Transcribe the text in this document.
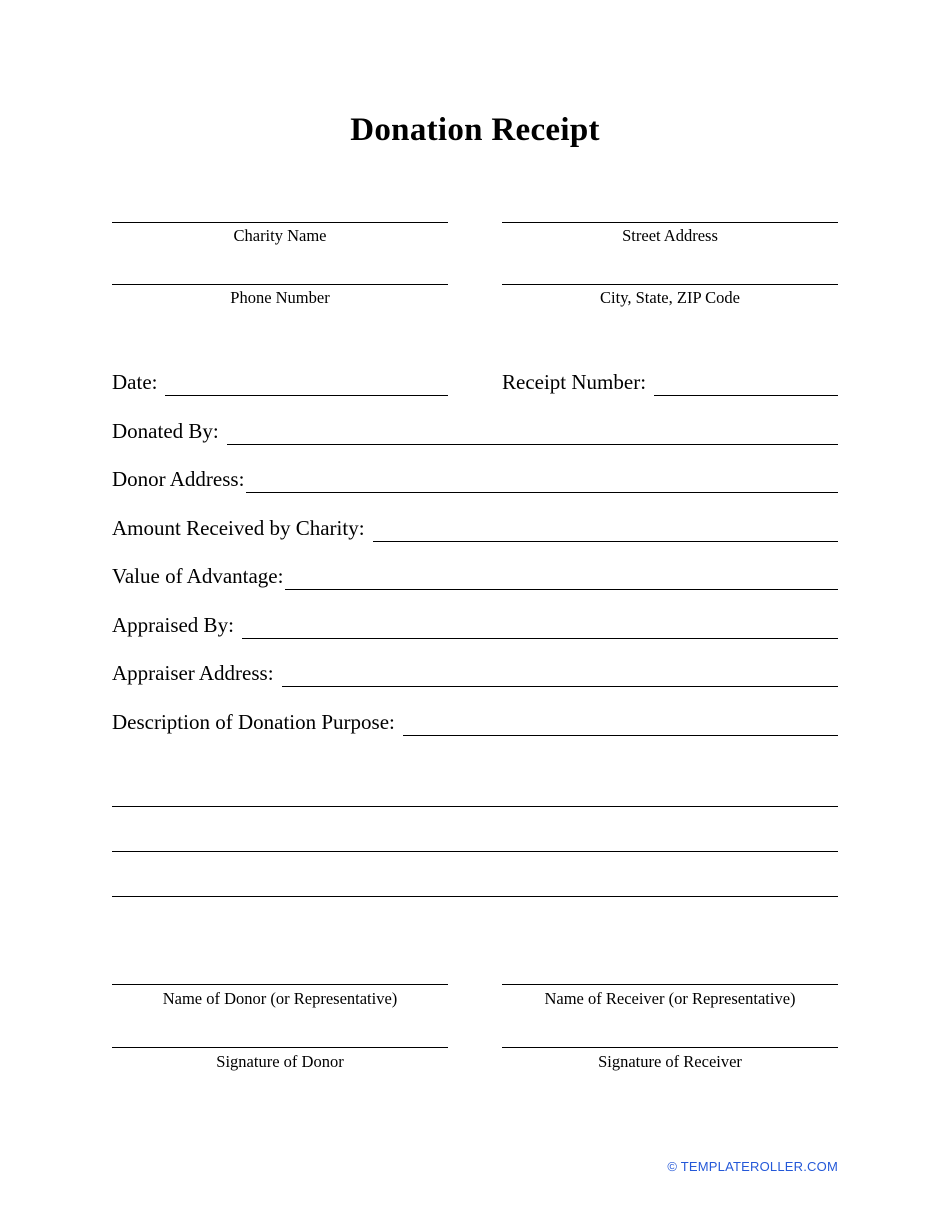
Donation Receipt
Charity Name
Phone Number
Street Address
City, State, ZIP Code
Date:	Receipt Number:
Donated By:
Donor Address:
Amount Received by Charity:
Value of Advantage:
Appraised By:
Appraiser Address:
Description of Donation Purpose:
Name of Donor (or Representative)
Signature of Donor
Name of Receiver (or Representative)
Signature of Receiver
© TEMPLATEROLLER.COM
